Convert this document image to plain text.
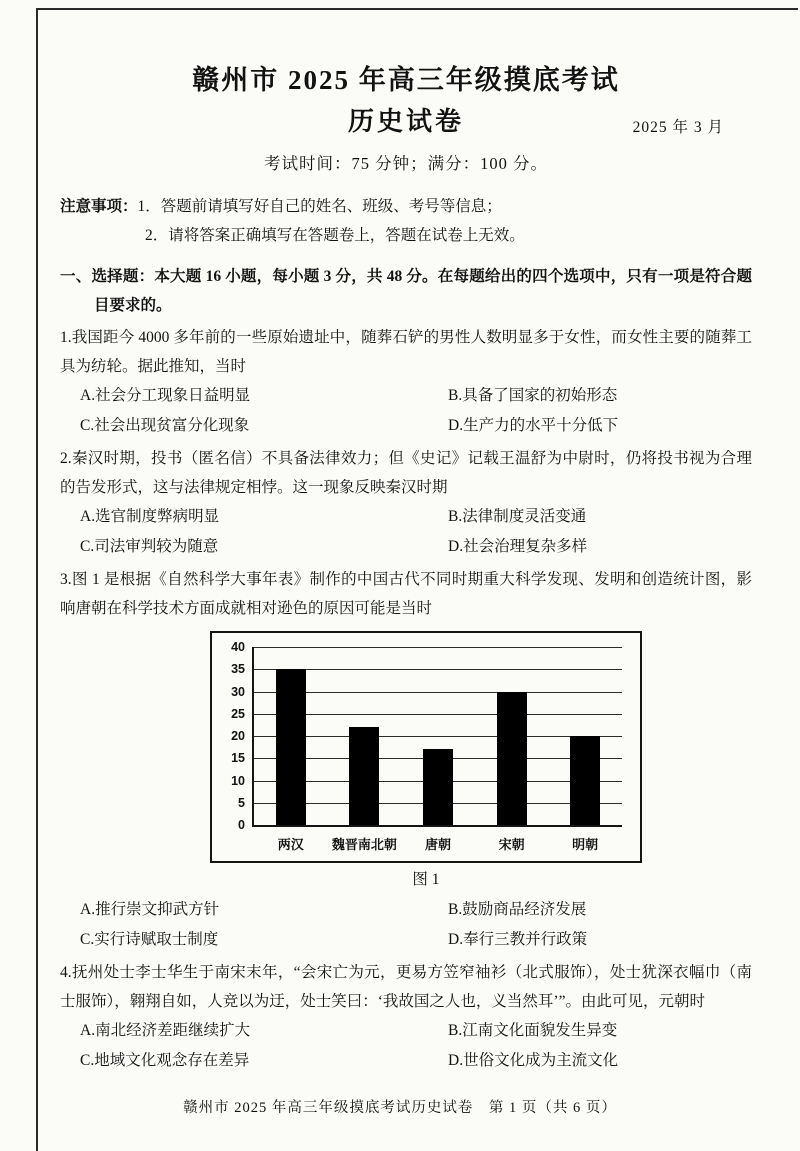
赣州市 2025 年高三年级摸底考试
历史试卷	2025 年 3 月
考试时间：75 分钟；满分：100 分。
注意事项：1．答题前请填写好自己的姓名、班级、考号等信息；
2．请将答案正确填写在答题卷上，答题在试卷上无效。
一、选择题：本大题 16 小题，每小题 3 分，共 48 分。在每题给出的四个选项中，只有一项是符合题目要求的。
1.我国距今 4000 多年前的一些原始遗址中，随葬石铲的男性人数明显多于女性，而女性主要的随葬工具为纺轮。据此推知，当时
A.社会分工现象日益明显	B.具备了国家的初始形态
C.社会出现贫富分化现象	D.生产力的水平十分低下
2.秦汉时期，投书（匿名信）不具备法律效力；但《史记》记载王温舒为中尉时，仍将投书视为合理的告发形式，这与法律规定相悖。这一现象反映秦汉时期
A.选官制度弊病明显	B.法律制度灵活变通
C.司法审判较为随意	D.社会治理复杂多样
3.图 1 是根据《自然科学大事年表》制作的中国古代不同时期重大科学发现、发明和创造统计图，影响唐朝在科学技术方面成就相对逊色的原因可能是当时
40
35
30
25
20
15
10
5
0
两汉	魏晋南北朝	唐朝	宋朝	明朝
图 1
A.推行崇文抑武方针	B.鼓励商品经济发展
C.实行诗赋取士制度	D.奉行三教并行政策
4.抚州处士李士华生于南宋末年，“会宋亡为元，更易方笠窄袖衫（北式服饰），处士犹深衣幅巾（南士服饰），翱翔自如，人竞以为迂，处士笑曰：‘我故国之人也，义当然耳’”。由此可见，元朝时
A.南北经济差距继续扩大	B.江南文化面貌发生异变
C.地域文化观念存在差异	D.世俗文化成为主流文化
赣州市 2025 年高三年级摸底考试历史试卷　第 1 页（共 6 页）
